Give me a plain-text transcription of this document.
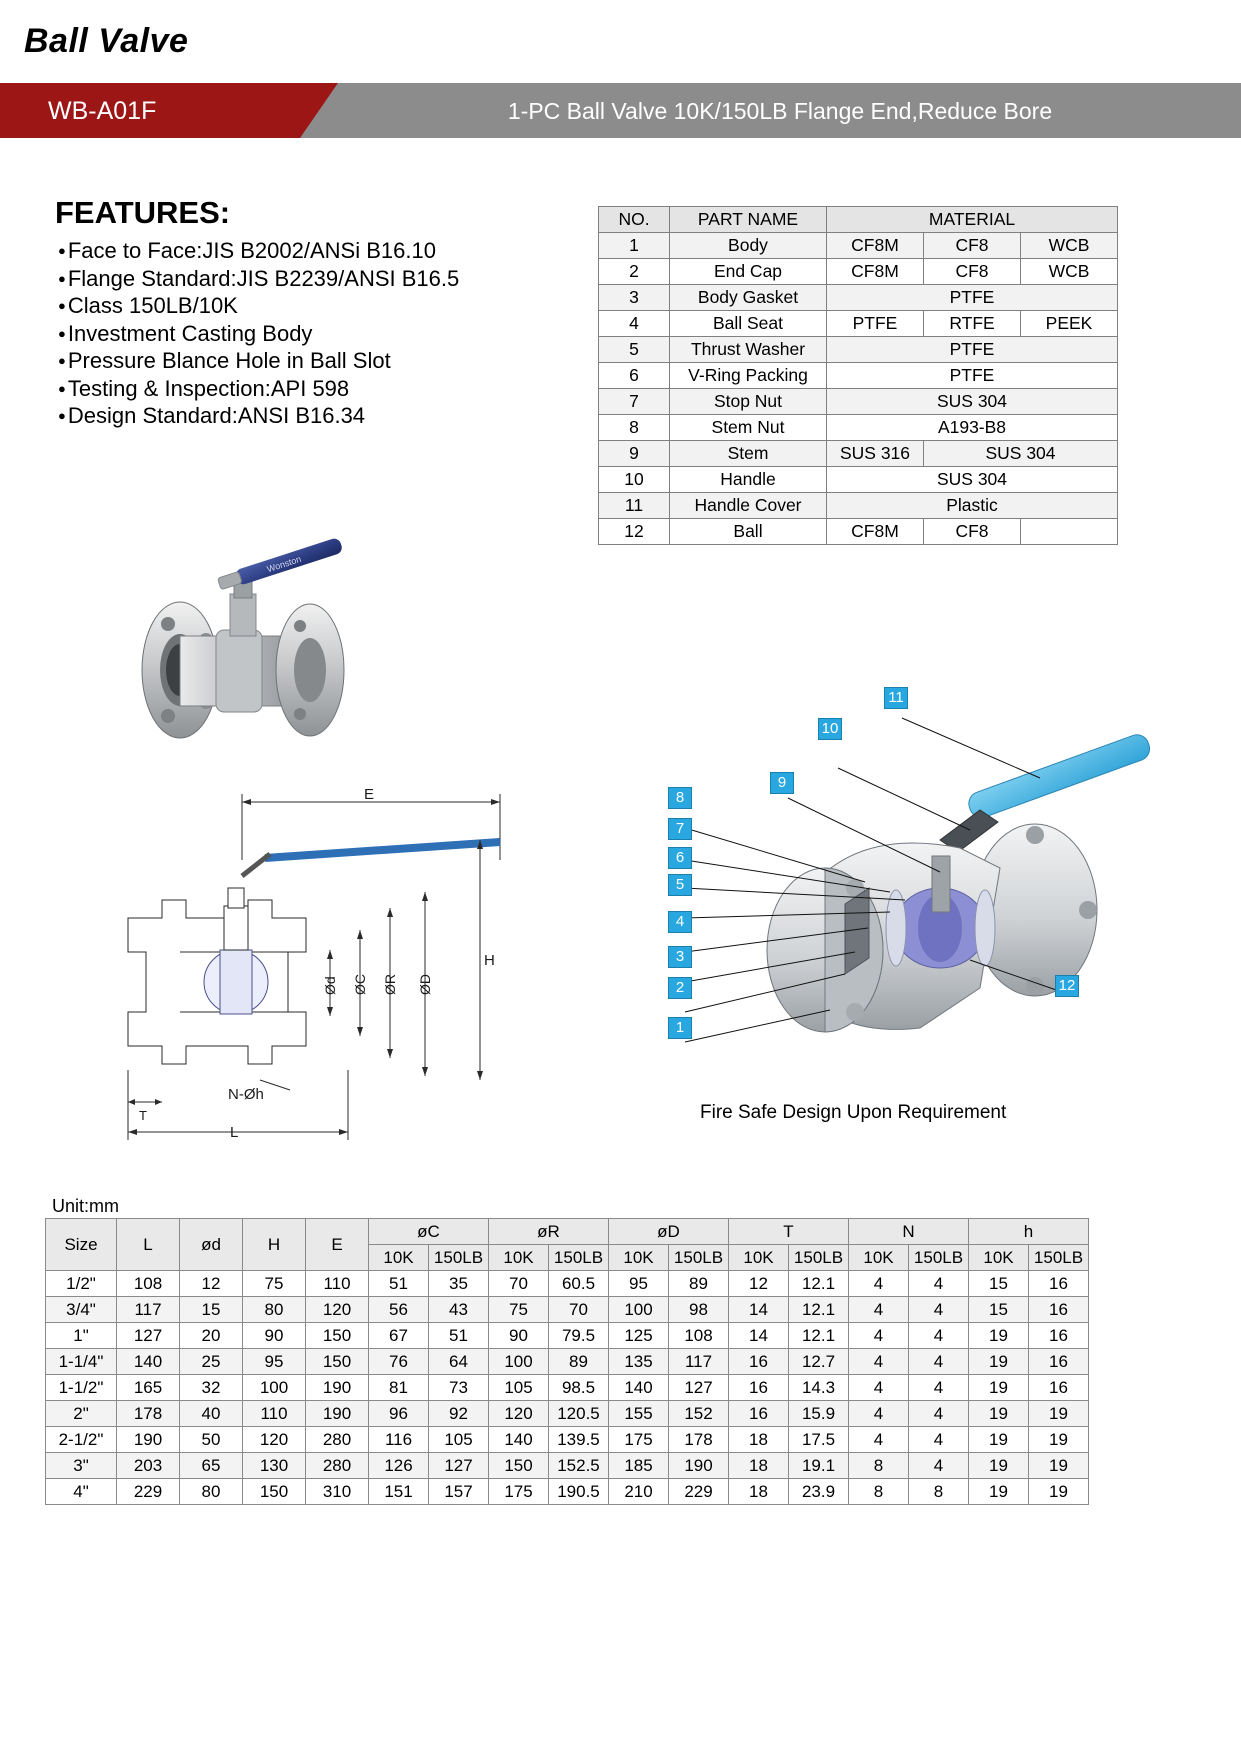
Ball Valve
WB-A01F	1-PC Ball Valve 10K/150LB Flange End,Reduce Bore
FEATURES:
● Face to Face:JIS B2002/ANSi B16.10
● Flange Standard:JIS B2239/ANSI B16.5
● Class 150LB/10K
● Investment Casting Body
● Pressure Blance Hole in Ball Slot
● Testing & Inspection:API 598
● Design Standard:ANSI B16.34
NO.	PART NAME	MATERIAL		
1	Body	CF8M	CF8	WCB
2	End Cap	CF8M	CF8	WCB
3	Body Gasket	PTFE		
4	Ball Seat	PTFE	RTFE	PEEK
5	Thrust Washer	PTFE		
6	V-Ring Packing	PTFE		
7	Stop Nut	SUS 304		
8	Stem Nut	A193-B8		
9	Stem	SUS 316	SUS 304	
10	Handle	SUS 304		
11	Handle Cover	Plastic		
12	Ball	CF8M	CF8	
Wonston
E
H
L
T
N-Øh
Ød ØC ØR ØD
1
2
3
4
5
6
7
8
9
10
11
12
Fire Safe Design Upon Requirement
Unit:mm
Size	L	ød	H	E	øC		øR		øD		T		N		h	
					10K	150LB	10K	150LB	10K	150LB	10K	150LB	10K	150LB	10K	150LB
1/2"	108	12	75	110	51	35	70	60.5	95	89	12	12.1	4	4	15	16
3/4"	117	15	80	120	56	43	75	70	100	98	14	12.1	4	4	15	16
1"	127	20	90	150	67	51	90	79.5	125	108	14	12.1	4	4	19	16
1-1/4"	140	25	95	150	76	64	100	89	135	117	16	12.7	4	4	19	16
1-1/2"	165	32	100	190	81	73	105	98.5	140	127	16	14.3	4	4	19	16
2"	178	40	110	190	96	92	120	120.5	155	152	16	15.9	4	4	19	19
2-1/2"	190	50	120	280	116	105	140	139.5	175	178	18	17.5	4	4	19	19
3"	203	65	130	280	126	127	150	152.5	185	190	18	19.1	8	4	19	19
4"	229	80	150	310	151	157	175	190.5	210	229	18	23.9	8	8	19	19
